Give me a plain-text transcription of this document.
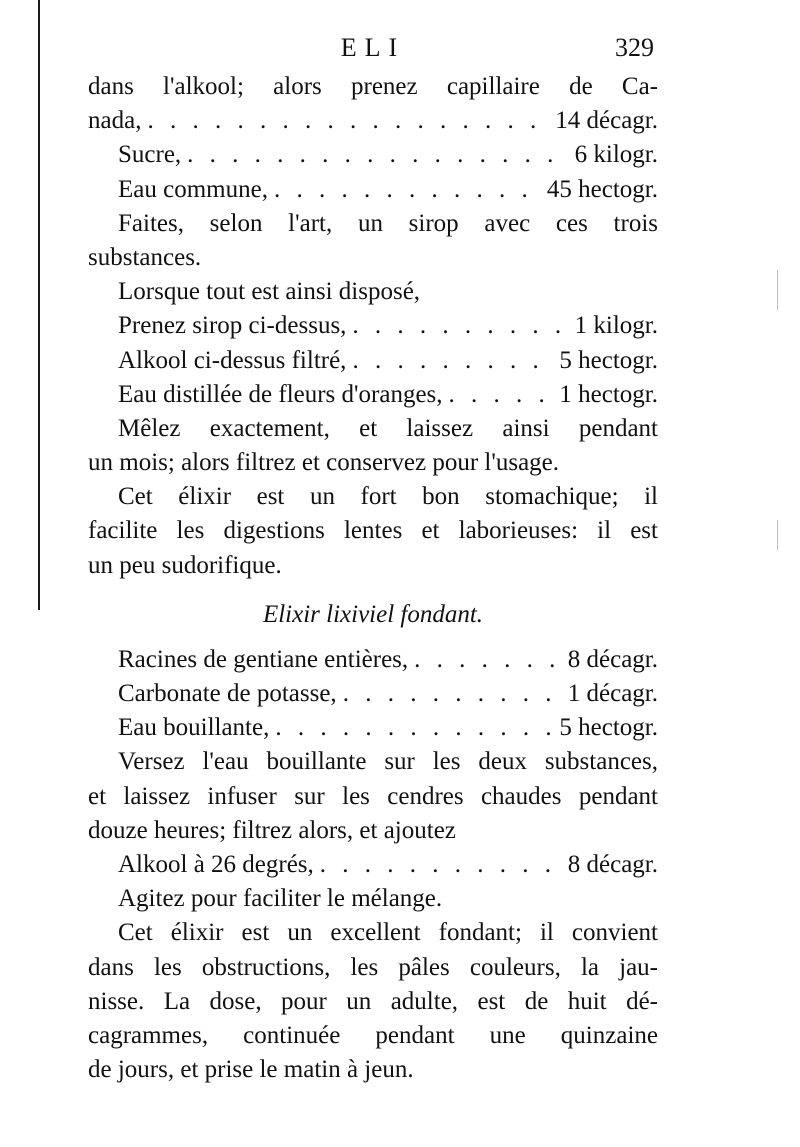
ELI	329
dans l'alkool; alors prenez capillaire de Ca-
nada, . . .	14 décagr.
Sucre, . . .	6 kilogr.
Eau commune, . . .	45 hectogr.
Faites, selon l'art, un sirop avec ces trois
substances.
Lorsque tout est ainsi disposé,
Prenez sirop ci-dessus, . . .	1 kilogr.
Alkool ci-dessus filtré, . . .	5 hectogr.
Eau distillée de fleurs d'oranges, . . .	1 hectogr.
Mêlez exactement, et laissez ainsi pendant
un mois; alors filtrez et conservez pour l'usage.
Cet élixir est un fort bon stomachique; il
facilite les digestions lentes et laborieuses: il est
un peu sudorifique.
Elixir lixiviel fondant.
Racines de gentiane entières, . . .	8 décagr.
Carbonate de potasse, . . .	1 décagr.
Eau bouillante, . . .	5 hectogr.
Versez l'eau bouillante sur les deux substances,
et laissez infuser sur les cendres chaudes pendant
douze heures; filtrez alors, et ajoutez
Alkool à 26 degrés, . . .	8 décagr.
Agitez pour faciliter le mélange.
Cet élixir est un excellent fondant; il convient
dans les obstructions, les pâles couleurs, la jau-
nisse. La dose, pour un adulte, est de huit dé-
cagrammes, continuée pendant une quinzaine
de jours, et prise le matin à jeun.
